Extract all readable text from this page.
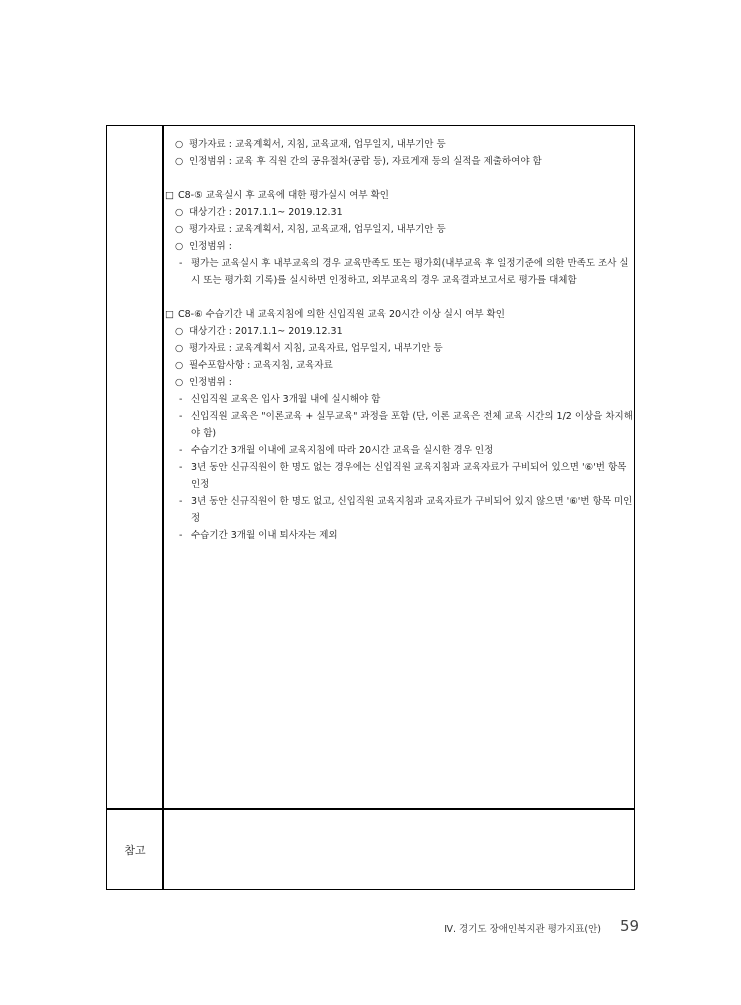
○ 평가자료 : 교육계획서, 지침, 교육교재, 업무일지, 내부기안 등
○ 인정범위 : 교육 후 직원 간의 공유절차(공람 등), 자료게재 등의 실적을 제출하여야 함
□ C8-⑤ 교육실시 후 교육에 대한 평가실시 여부 확인
○ 대상기간 : 2017.1.1~ 2019.12.31
○ 평가자료 : 교육계획서, 지침, 교육교재, 업무일지, 내부기안 등
○ 인정범위 :
- 평가는 교육실시 후 내부교육의 경우 교육만족도 또는 평가회(내부교육 후 일정기준에 의한 만족도 조사 실시 또는 평가회 기록)를 실시하면 인정하고, 외부교육의 경우 교육결과보고서로 평가를 대체함
□ C8-⑥ 수습기간 내 교육지침에 의한 신입직원 교육 20시간 이상 실시 여부 확인
○ 대상기간 : 2017.1.1~ 2019.12.31
○ 평가자료 : 교육계획서 지침, 교육자료, 업무일지, 내부기안 등
○ 필수포함사항 : 교육지침, 교육자료
○ 인정범위 :
- 신입직원 교육은 입사 3개월 내에 실시해야 함
- 신입직원 교육은 "이론교육 + 실무교육" 과정을 포함 (단, 이론 교육은 전체 교육 시간의 1/2 이상을 차지해야 함)
- 수습기간 3개월 이내에 교육지침에 따라 20시간 교육을 실시한 경우 인정
- 3년 동안 신규직원이 한 명도 없는 경우에는 신입직원 교육지침과 교육자료가 구비되어 있으면 '⑥'번 항목 인정
- 3년 동안 신규직원이 한 명도 없고, 신입직원 교육지침과 교육자료가 구비되어 있지 않으면 '⑥'번 항목 미인정
- 수습기간 3개월 이내 퇴사자는 제외
참고
Ⅳ. 경기도 장애인복지관 평가지표(안) 59
